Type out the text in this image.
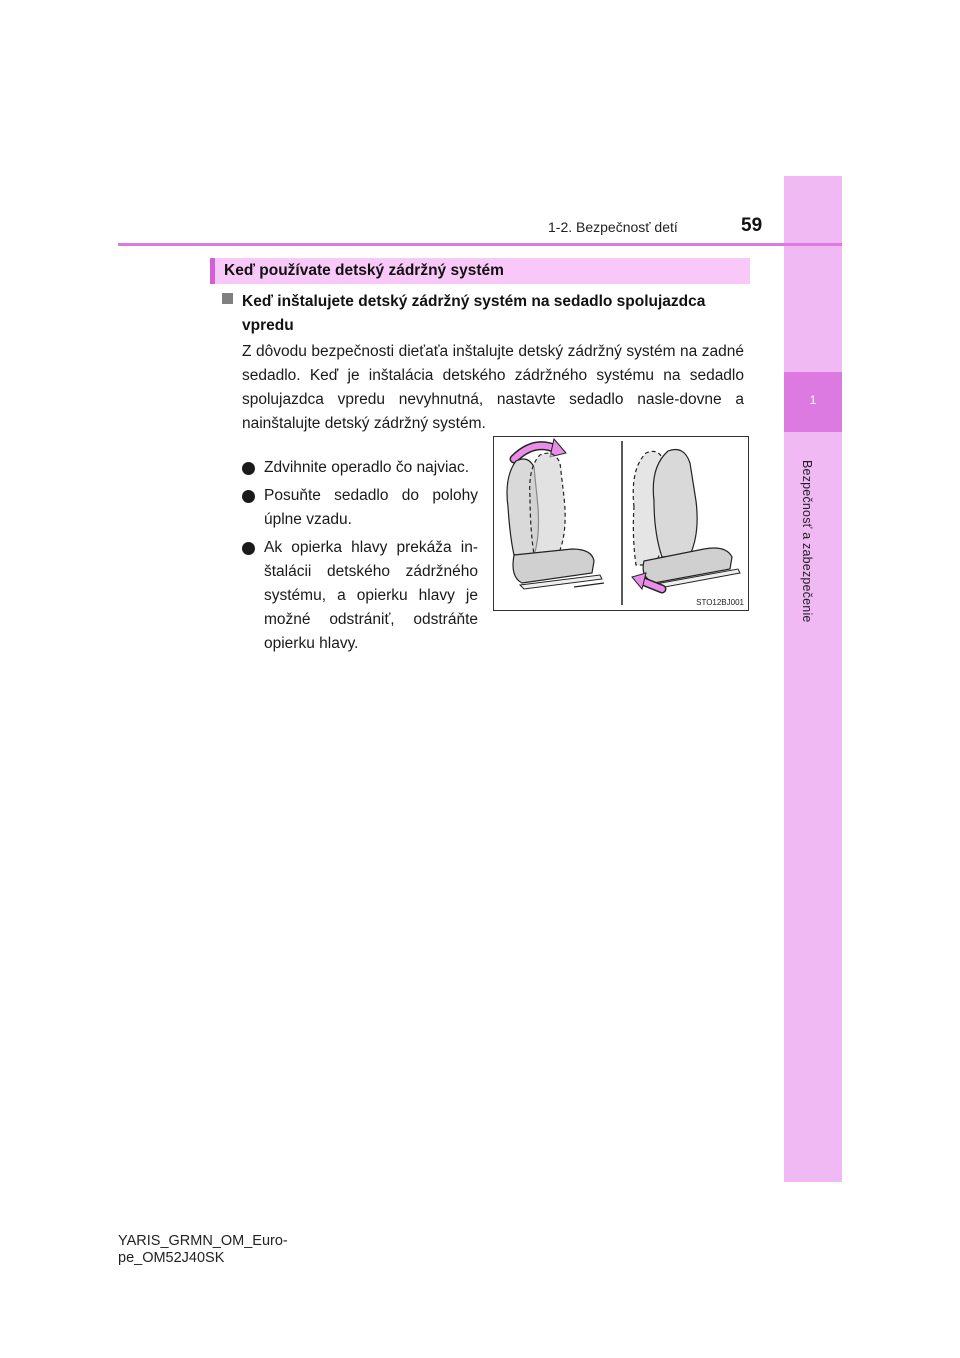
1
Bezpečnosť a zabezpečenie
1-2. Bezpečnosť detí	59
Keď používate detský zádržný systém
Keď inštalujete detský zádržný systém na sedadlo spolujazdca vpredu
Z dôvodu bezpečnosti dieťaťa inštalujte detský zádržný systém na zadné sedadlo. Keď je inštalácia detského zádržného systému na sedadlo spolujazdca vpredu nevyhnutná, nastavte sedadlo nasle-dovne a nainštalujte detský zádržný systém.
Zdvihnite operadlo čo najviac.
Posuňte sedadlo do polohy úplne vzadu.
Ak opierka hlavy prekáža in-štalácii detského zádržného systému, a opierku hlavy je možné odstrániť, odstráňte opierku hlavy.
STO12BJ001
YARIS_GRMN_OM_Euro-
pe_OM52J40SK
